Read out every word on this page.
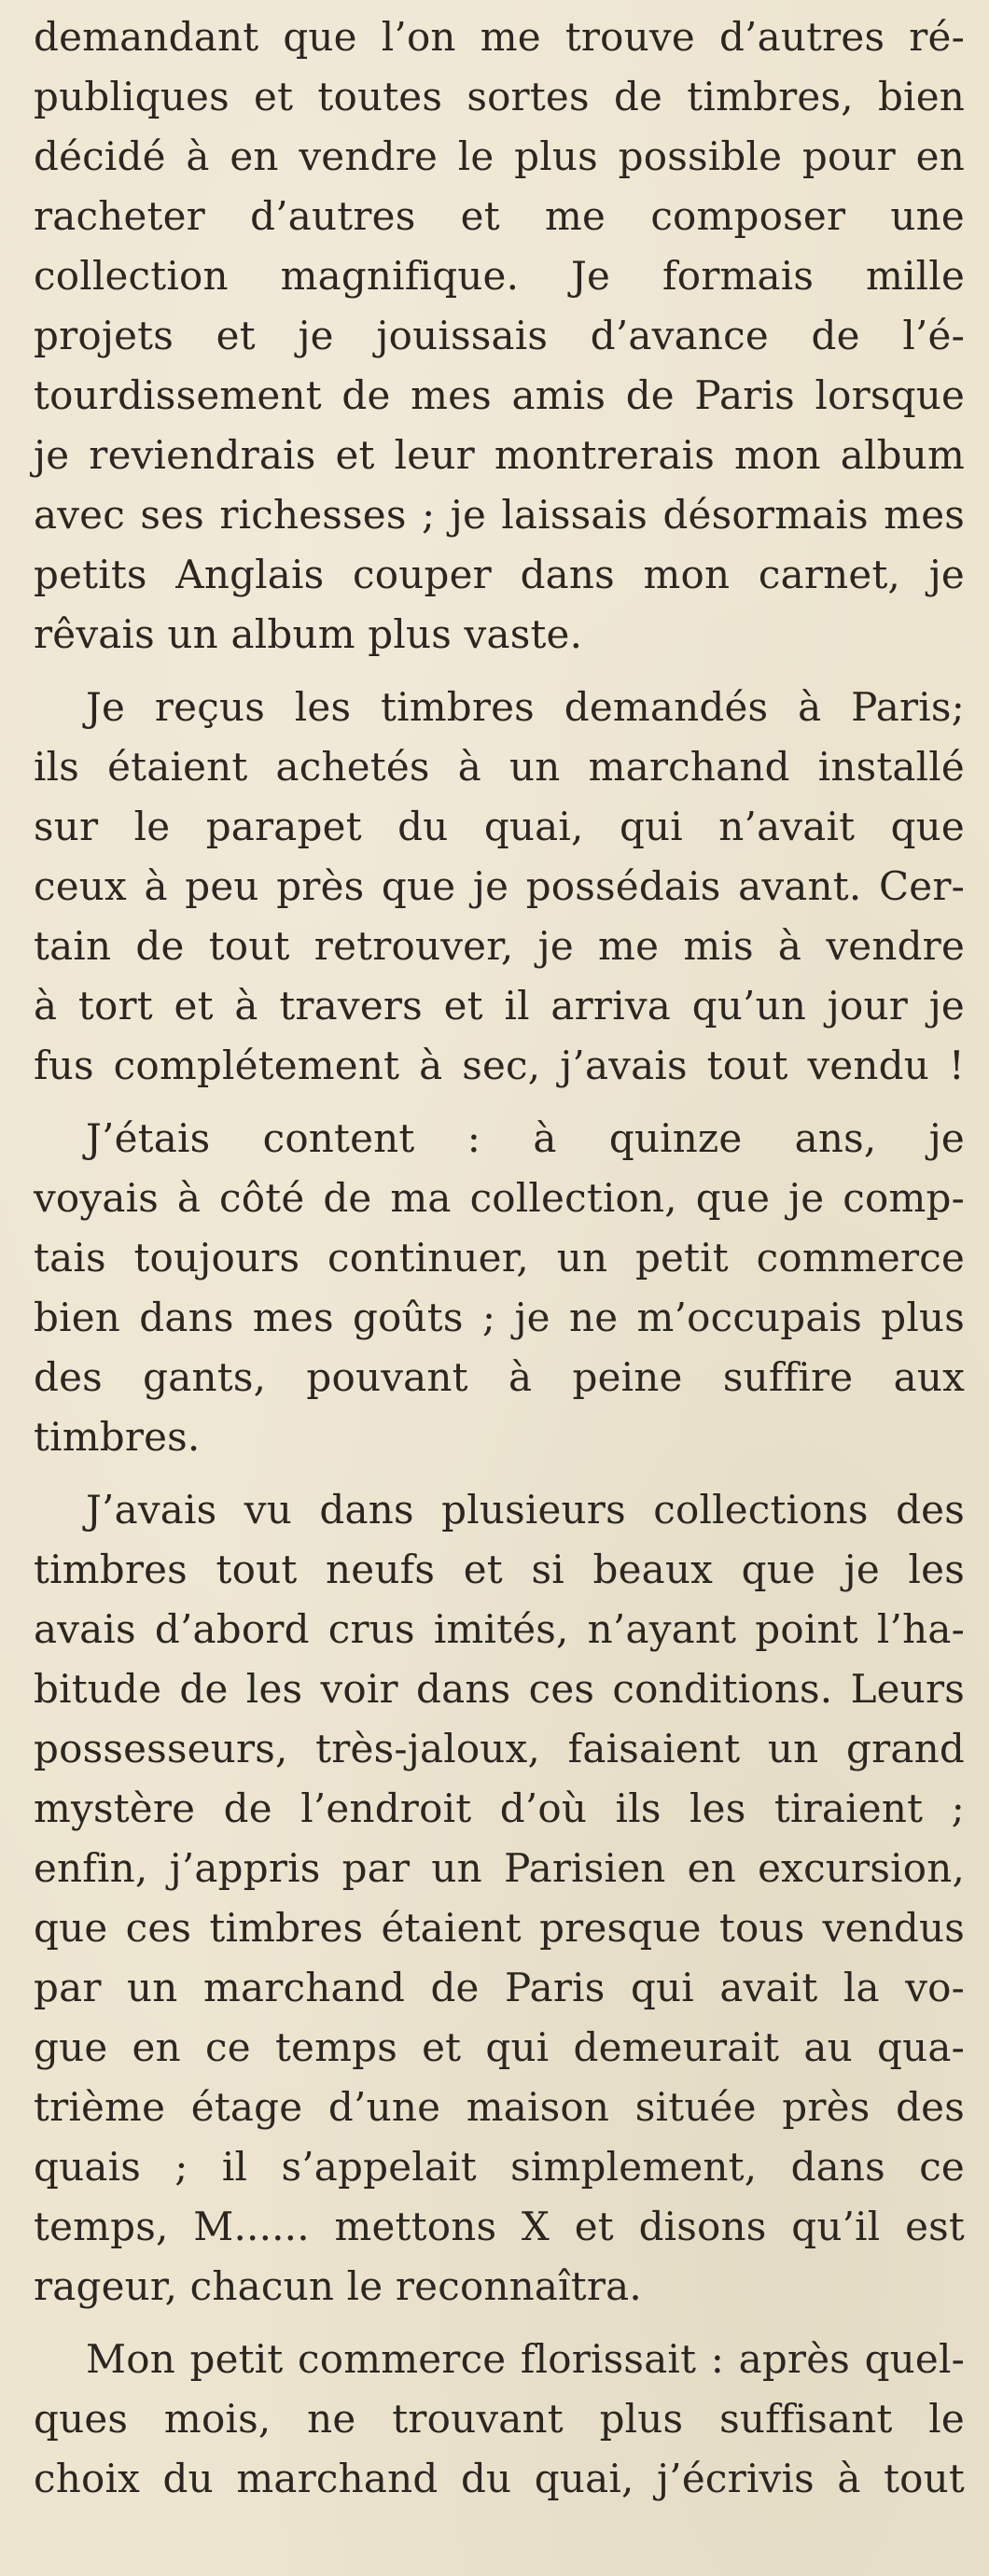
demandant que l’on me trouve d’autres ré-
publiques et toutes sortes de timbres, bien
décidé à en vendre le plus possible pour en
racheter d’autres et me composer une
collection magnifique. Je formais mille
projets et je jouissais d’avance de l’é-
tourdissement de mes amis de Paris lorsque
je reviendrais et leur montrerais mon album
avec ses richesses ; je laissais désormais mes
petits Anglais couper dans mon carnet, je
rêvais un album plus vaste.

Je reçus les timbres demandés à Paris;
ils étaient achetés à un marchand installé
sur le parapet du quai, qui n’avait que
ceux à peu près que je possédais avant. Cer-
tain de tout retrouver, je me mis à vendre
à tort et à travers et il arriva qu’un jour je
fus complétement à sec, j’avais tout vendu !

J’étais content : à quinze ans, je
voyais à côté de ma collection, que je comp-
tais toujours continuer, un petit commerce
bien dans mes goûts ; je ne m’occupais plus
des gants, pouvant à peine suffire aux
timbres.

J’avais vu dans plusieurs collections des
timbres tout neufs et si beaux que je les
avais d’abord crus imités, n’ayant point l’ha-
bitude de les voir dans ces conditions. Leurs
possesseurs, très-jaloux, faisaient un grand
mystère de l’endroit d’où ils les tiraient ;
enfin, j’appris par un Parisien en excursion,
que ces timbres étaient presque tous vendus
par un marchand de Paris qui avait la vo-
gue en ce temps et qui demeurait au qua-
trième étage d’une maison située près des
quais ; il s’appelait simplement, dans ce
temps, M...... mettons X et disons qu’il est
rageur, chacun le reconnaîtra.

Mon petit commerce florissait : après quel-
ques mois, ne trouvant plus suffisant le
choix du marchand du quai, j’écrivis à tout
